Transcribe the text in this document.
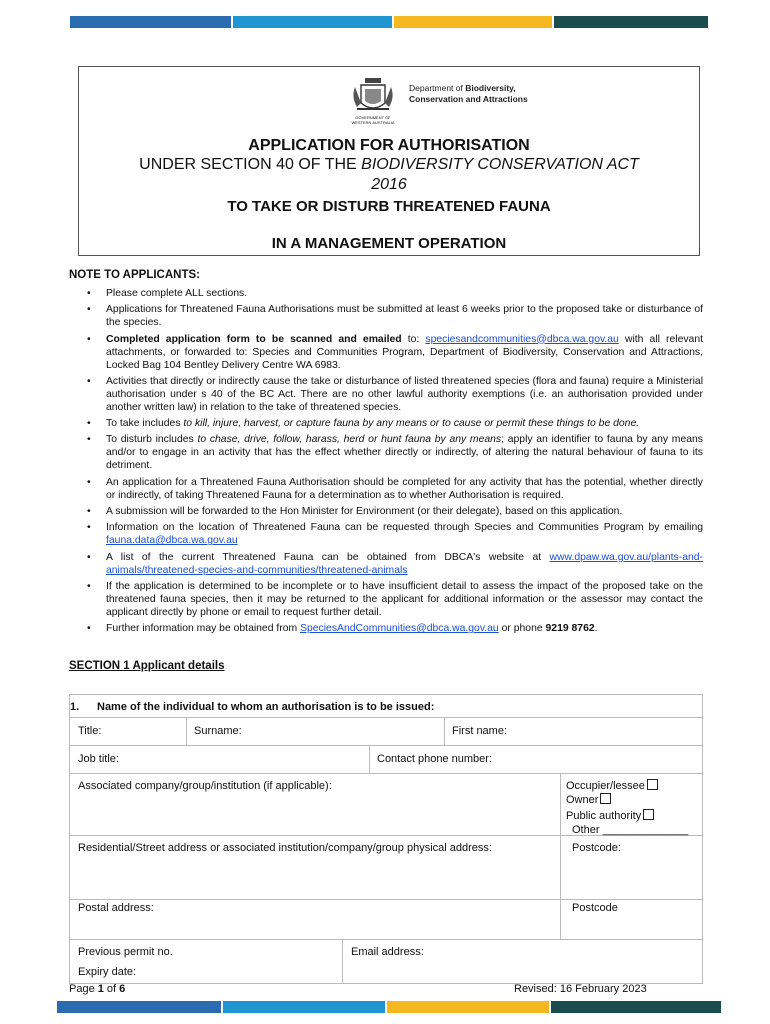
GOVERNMENT OF
WESTERN AUSTRALIA
Department of Biodiversity,
Conservation and Attractions
APPLICATION FOR AUTHORISATION
UNDER SECTION 40 OF THE BIODIVERSITY CONSERVATION ACT
2016
TO TAKE OR DISTURB THREATENED FAUNA
IN A MANAGEMENT OPERATION
NOTE TO APPLICANTS:
• Please complete ALL sections.
• Applications for Threatened Fauna Authorisations must be submitted at least 6 weeks prior to the proposed take or disturbance of the species.
• Completed application form to be scanned and emailed to: speciesandcommunities@dbca.wa.gov.au with all relevant attachments, or forwarded to: Species and Communities Program, Department of Biodiversity, Conservation and Attractions, Locked Bag 104 Bentley Delivery Centre WA 6983.
• Activities that directly or indirectly cause the take or disturbance of listed threatened species (flora and fauna) require a Ministerial authorisation under s 40 of the BC Act. There are no other lawful authority exemptions (i.e. an authorisation provided under another written law) in relation to the take of threatened species.
• To take includes to kill, injure, harvest, or capture fauna by any means or to cause or permit these things to be done.
• To disturb includes to chase, drive, follow, harass, herd or hunt fauna by any means; apply an identifier to fauna by any means and/or to engage in an activity that has the effect whether directly or indirectly, of altering the natural behaviour of fauna to its detriment.
• An application for a Threatened Fauna Authorisation should be completed for any activity that has the potential, whether directly or indirectly, of taking Threatened Fauna for a determination as to whether Authorisation is required.
• A submission will be forwarded to the Hon Minister for Environment (or their delegate), based on this application.
• Information on the location of Threatened Fauna can be requested through Species and Communities Program by emailing fauna.data@dbca.wa.gov.au
• A list of the current Threatened Fauna can be obtained from DBCA's website at www.dpaw.wa.gov.au/plants-and-animals/threatened-species-and-communities/threatened-animals
• If the application is determined to be incomplete or to have insufficient detail to assess the impact of the proposed take on the threatened fauna species, then it may be returned to the applicant for additional information or the assessor may contact the applicant directly by phone or email to request further detail.
• Further information may be obtained from SpeciesAndCommunities@dbca.wa.gov.au or phone 9219 8762.
SECTION 1 Applicant details
1. Name of the individual to whom an authorisation is to be issued:
Title:	Surname:	First name:
Job title:	Contact phone number:
Associated company/group/institution (if applicable):	Occupier/lessee
Owner
Public authority
Other ______________
Residential/Street address or associated institution/company/group physical address:	Postcode:
Postal address:	Postcode
Previous permit no.	Email address:
Expiry date:
Page 1 of 6	Revised: 16 February 2023
